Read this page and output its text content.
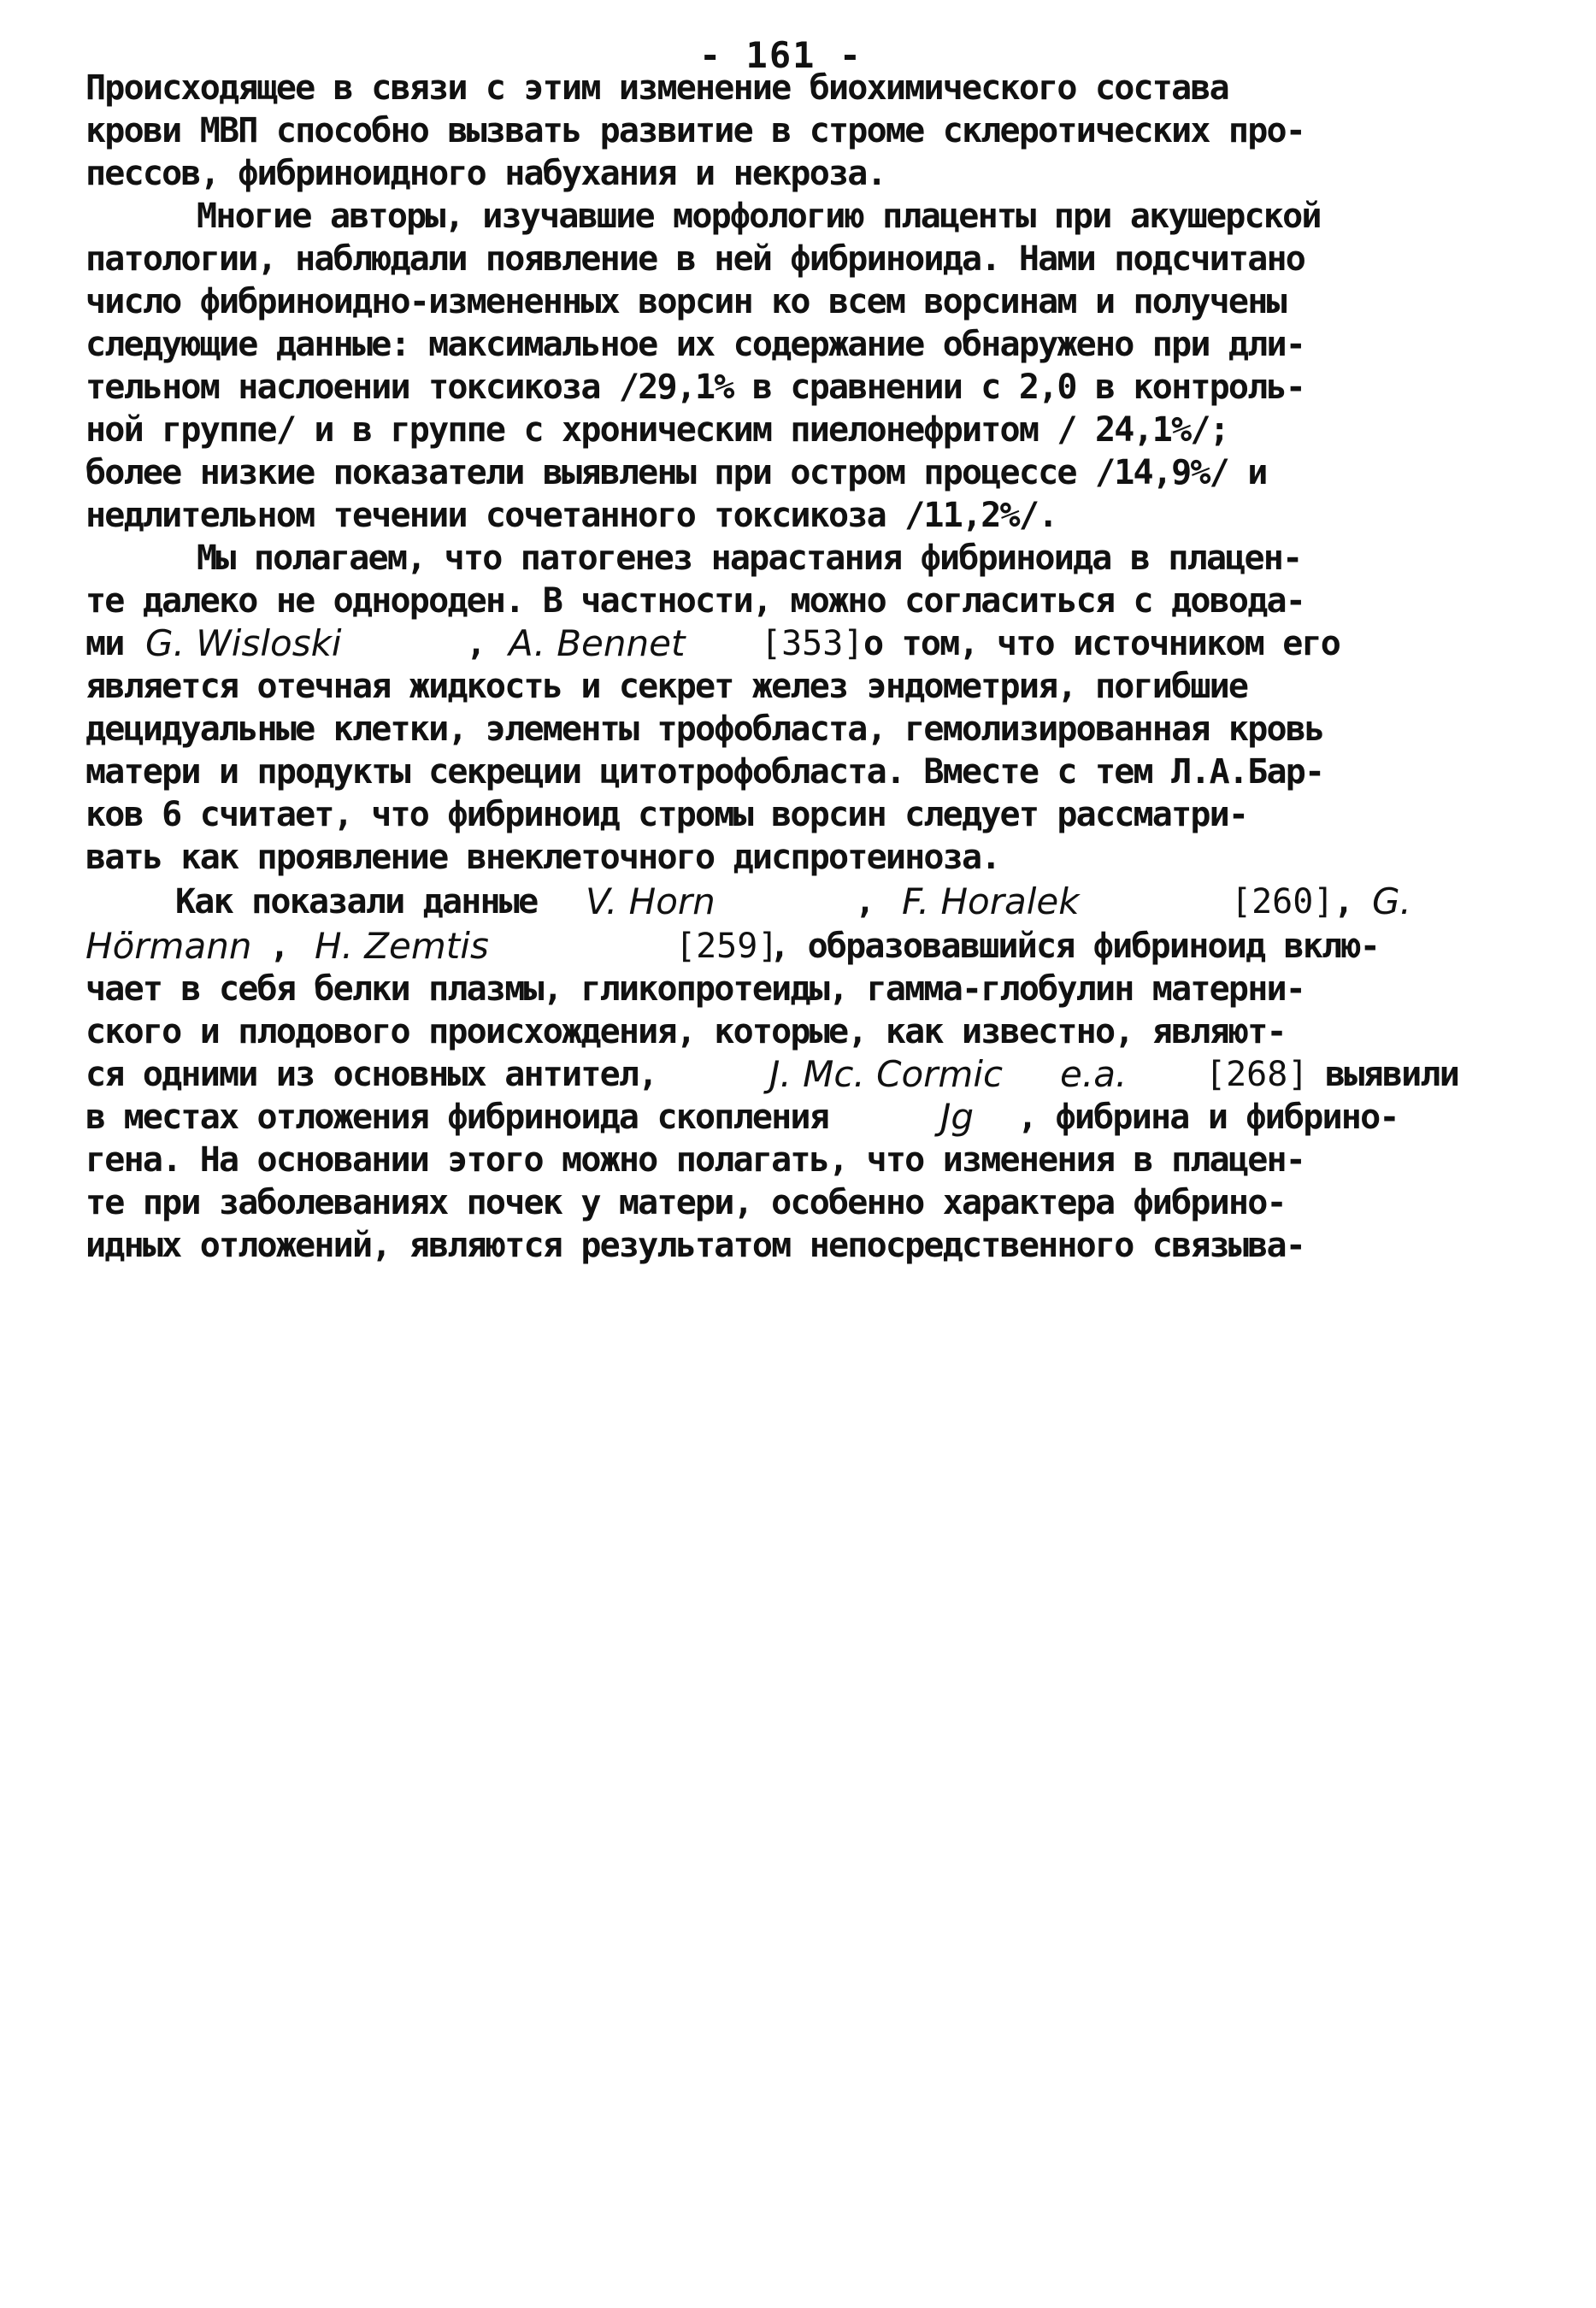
- 161 -
Происходящее в связи с этим изменение биохимического состава
крови МВП способно вызвать развитие в строме склеротических про-
пессов, фибриноидного набухания и некроза.
Многие авторы, изучавшие морфологию плаценты при акушерской
патологии, наблюдали появление в ней фибриноида. Нами подсчитано
число фибриноидно-измененных ворсин ко всем ворсинам и получены
следующие данные: максимальное их содержание обнаружено при дли-
тельном наслоении токсикоза /29,1% в сравнении с 2,0 в контроль-
ной группе/ и в группе с хроническим пиелонефритом / 24,1%/;
более низкие показатели выявлены при остром процессе /14,9%/ и
недлительном течении сочетанного токсикоза /11,2%/.
Мы полагаем, что патогенез нарастания фибриноида в плацен-
те далеко не однороден. В частности, можно согласиться с довода-
ми G. Wisloski	, A. Bennet [353] о том, что источником его
является отечная жидкость и секрет желез эндометрия, погибшие
децидуальные клетки, элементы трофобласта, гемолизированная кровь
матери и продукты секреции цитотрофобласта. Вместе с тем Л.А.Бар-
ков 6 считает, что фибриноид стромы ворсин следует рассматри-
вать как проявление внеклеточного диспротеиноза.
Как показали данные V. Horn	, F. Horalek	[260] , G.
Hörmann , H. Zemtis	[259]
, образовавшийся фибриноид вклю-
чает в себя белки плазмы, гликопротеиды, гамма-глобулин матерни-
ского и плодового происхождения, которые, как известно, являют-
ся одними из основных антител,	J. Mc. Cormic e.a. [268] выявили
в местах отложения фибриноида скопления	Jg , фибрина и фибрино-
гена. На основании этого можно полагать, что изменения в плацен-
те при заболеваниях почек у матери, особенно характера фибрино-
идных отложений, являются результатом непосредственного связыва-
